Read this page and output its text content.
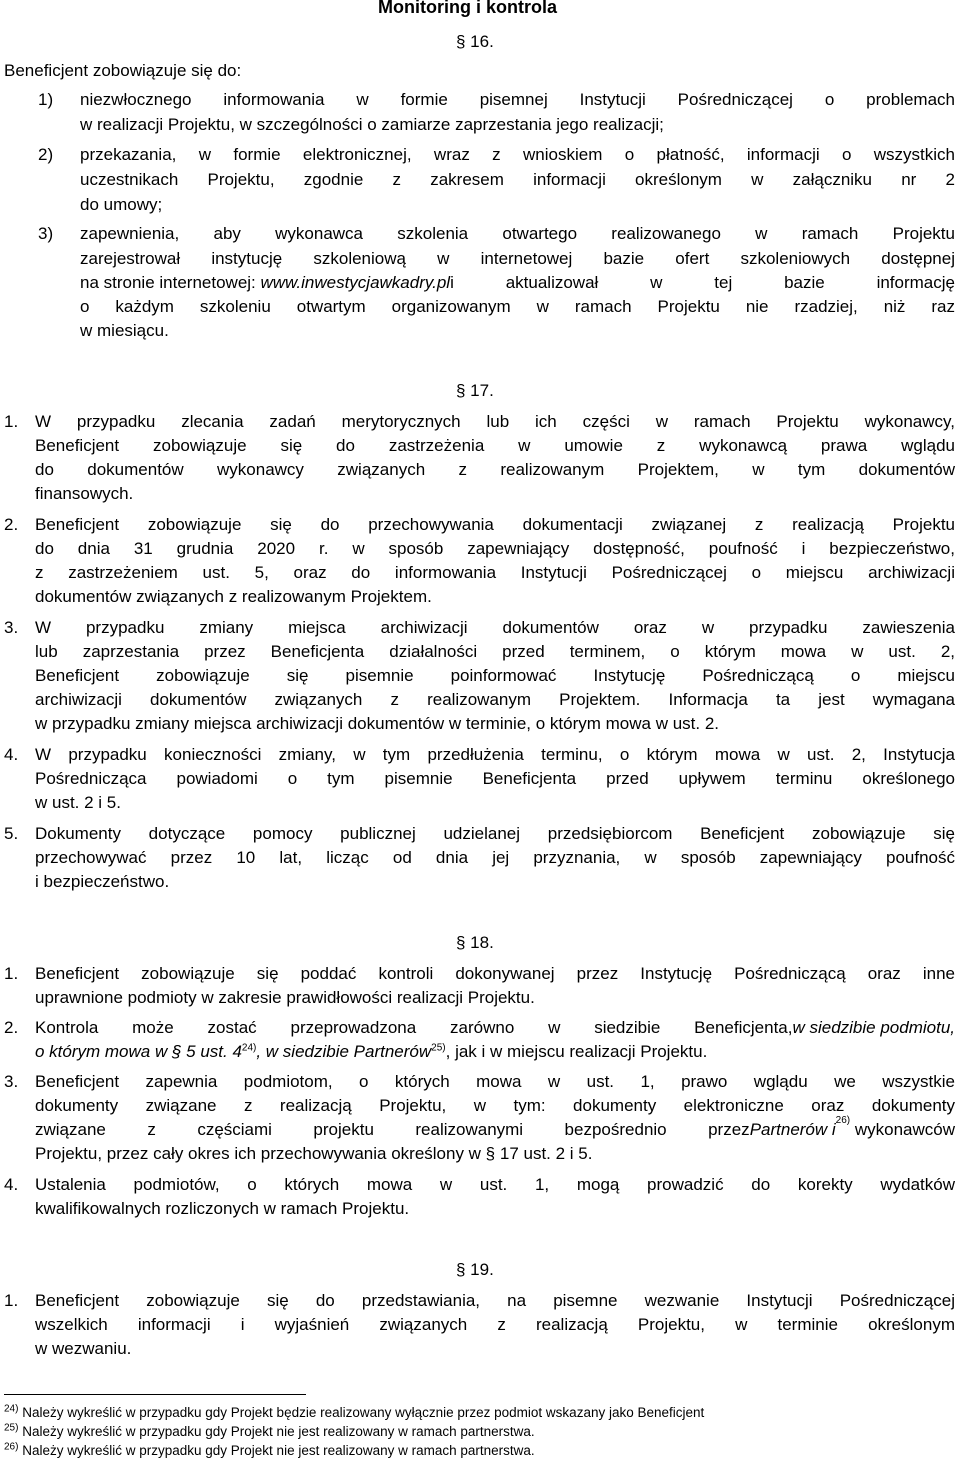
Monitoring i kontrola
§ 16.
Beneficjent zobowiązuje się do:
1) niezwłocznego informowania w formie pisemnej Instytucji Pośredniczącej o problemach
w realizacji Projektu, w szczególności o zamiarze zaprzestania jego realizacji;
2) przekazania, w formie elektronicznej, wraz z wnioskiem o płatność, informacji o wszystkich
uczestnikach Projektu, zgodnie z zakresem informacji określonym w załączniku nr 2
do umowy;
3) zapewnienia, aby wykonawca szkolenia otwartego realizowanego w ramach Projektu
zarejestrował instytucję szkoleniową w internetowej bazie ofert szkoleniowych dostępnej
na stronie internetowej: www.inwestycjawkadry.pl i aktualizował w tej bazie informację
o każdym szkoleniu otwartym organizowanym w ramach Projektu nie rzadziej, niż raz
w miesiącu.
§ 17.
1. W przypadku zlecania zadań merytorycznych lub ich części w ramach Projektu wykonawcy,
Beneficjent zobowiązuje się do zastrzeżenia w umowie z wykonawcą prawa wglądu
do dokumentów wykonawcy związanych z realizowanym Projektem, w tym dokumentów
finansowych.
2. Beneficjent zobowiązuje się do przechowywania dokumentacji związanej z realizacją Projektu
do dnia 31 grudnia 2020 r. w sposób zapewniający dostępność, poufność i bezpieczeństwo,
z zastrzeżeniem ust. 5, oraz do informowania Instytucji Pośredniczącej o miejscu archiwizacji
dokumentów związanych z realizowanym Projektem.
3. W przypadku zmiany miejsca archiwizacji dokumentów oraz w przypadku zawieszenia
lub zaprzestania przez Beneficjenta działalności przed terminem, o którym mowa w ust. 2,
Beneficjent zobowiązuje się pisemnie poinformować Instytucję Pośredniczącą o miejscu
archiwizacji dokumentów związanych z realizowanym Projektem. Informacja ta jest wymagana
w przypadku zmiany miejsca archiwizacji dokumentów w terminie, o którym mowa w ust. 2.
4. W przypadku konieczności zmiany, w tym przedłużenia terminu, o którym mowa w ust. 2, Instytucja
Pośrednicząca powiadomi o tym pisemnie Beneficjenta przed upływem terminu określonego
w ust. 2 i 5.
5. Dokumenty dotyczące pomocy publicznej udzielanej przedsiębiorcom Beneficjent zobowiązuje się
przechowywać przez 10 lat, licząc od dnia jej przyznania, w sposób zapewniający poufność
i bezpieczeństwo.
§ 18.
1. Beneficjent zobowiązuje się poddać kontroli dokonywanej przez Instytucję Pośredniczącą oraz inne
uprawnione podmioty w zakresie prawidłowości realizacji Projektu.
2. Kontrola może zostać przeprowadzona zarówno w siedzibie Beneficjenta, w siedzibie podmiotu,
o którym mowa w § 5 ust. 4$^{24)}$, w siedzibie Partnerów$^{25)}$, jak i w miejscu realizacji Projektu.
3. Beneficjent zapewnia podmiotom, o których mowa w ust. 1, prawo wglądu we wszystkie
dokumenty związane z realizacją Projektu, w tym: dokumenty elektroniczne oraz dokumenty
związane z częściami projektu realizowanymi bezpośrednio przez Partnerów i 26) wykonawców
Projektu, przez cały okres ich przechowywania określony w § 17 ust. 2 i 5.
4. Ustalenia podmiotów, o których mowa w ust. 1, mogą prowadzić do korekty wydatków
kwalifikowalnych rozliczonych w ramach Projektu.
§ 19.
1. Beneficjent zobowiązuje się do przedstawiania, na pisemne wezwanie Instytucji Pośredniczącej
wszelkich informacji i wyjaśnień związanych z realizacją Projektu, w terminie określonym
w wezwaniu.
$^{24)}$ Należy wykreślić w przypadku gdy Projekt będzie realizowany wyłącznie przez podmiot wskazany jako Beneficjent
$^{25)}$ Należy wykreślić w przypadku gdy Projekt nie jest realizowany w ramach partnerstwa.
$^{26)}$ Należy wykreślić w przypadku gdy Projekt nie jest realizowany w ramach partnerstwa.
